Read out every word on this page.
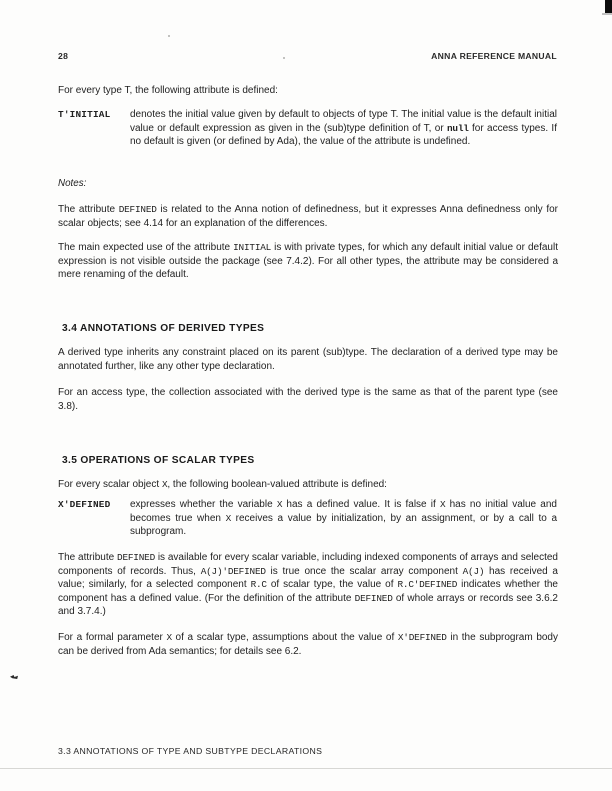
28	ANNA REFERENCE MANUAL

For every type T, the following attribute is defined:

T'INITIAL denotes the initial value given by default to objects of type T. The initial value is the default initial value or default expression as given in the (sub)type definition of T, or null for access types. If no default is given (or defined by Ada), the value of the attribute is undefined.

Notes:

The attribute DEFINED is related to the Anna notion of definedness, but it expresses Anna definedness only for scalar objects; see 4.14 for an explanation of the differences.

The main expected use of the attribute INITIAL is with private types, for which any default initial value or default expression is not visible outside the package (see 7.4.2). For all other types, the attribute may be considered a mere renaming of the default.

3.4 ANNOTATIONS OF DERIVED TYPES

A derived type inherits any constraint placed on its parent (sub)type. The declaration of a derived type may be annotated further, like any other type declaration.

For an access type, the collection associated with the derived type is the same as that of the parent type (see 3.8).

3.5 OPERATIONS OF SCALAR TYPES

For every scalar object X, the following boolean-valued attribute is defined:

X'DEFINED expresses whether the variable X has a defined value. It is false if X has no initial value and becomes true when X receives a value by initialization, by an assignment, or by a call to a subprogram.

The attribute DEFINED is available for every scalar variable, including indexed components of arrays and selected components of records. Thus, A(J)'DEFINED is true once the scalar array component A(J) has received a value; similarly, for a selected component R.C of scalar type, the value of R.C'DEFINED indicates whether the component has a defined value. (For the definition of the attribute DEFINED of whole arrays or records see 3.6.2 and 3.7.4.)

For a formal parameter X of a scalar type, assumptions about the value of X'DEFINED in the subprogram body can be derived from Ada semantics; for details see 6.2.

3.3 ANNOTATIONS OF TYPE AND SUBTYPE DECLARATIONS
